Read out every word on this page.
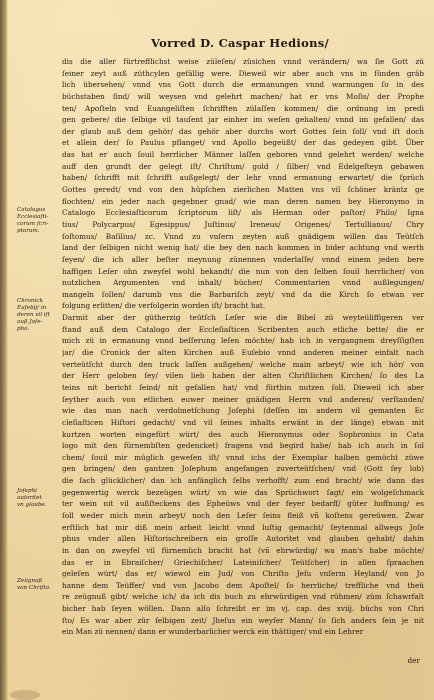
Vorred D. Caspar Hedions/
dis die aller fürtrefflichst weise züleſen/ züsichen vnnd verändern/ wa ſie Gott zü
ſeiner zeyt auß züthcylen gefällig were. Dieweil wir aber auch vns in ſünden gräb
lich übersehen/ vnnd vns Gott durch die ermanungen vnnd warnungen ſo in des
büchstaben ſind/ will weysen vnd gelehrt machen/ hat er vns Moſis/ der Prophe
ten/ Apoſteln vnd Euangeliſten ſchrifften zülaſſen kommen/ die ordnung im predi
gen gebere/ die ſelbige vil tauſent jar einher im weſen gehalten/ vnnd im gefallen/ das
der glaub auß dem gehör/ das gehör aber durchs wort Gottes ſein ſoll/ vnd iſt doch
et allein der/ ſo Paulus pflanget/ vnd Apollo begeüßt/ der das gedeyen gibt. Über
das hat er auch ſouil herrlicher Männer laſſen geboren vnnd gelehrt werden/ welche
auff den grundt der gelegt iſt/ Chriſtum/ gold / ſilber/ vnd Edelgeſteyn gebawen
haben/ ſchrifft mit ſchrifft außgelegt/ der lehr vnnd ermanung erwartet/ die ſprüch
Gottes geredt/ vnd von den hüpſchen zierlichen Matten vns vil ſchöner kräntz ge
flochten/ ein jeder nach gegebner gnad/ wie man deren namen bey Hieronymo in
Catalogo Ecclesiaſticorum ſcriptorum liſt/ als Herman oder paſtor/ Philo/ Igna
tius/ Polycarpus/ Egesippus/ Juſtinus/ Ireneus/ Origenes/ Tertullianus/ Chry
ſoſtomus/ Baſilius/ zc. Vnnd zu vnſern zeyten auß gnädigem willen das Teütſch
land der ſelbigen nicht wenig hat/ die bey den nach kommen in bider achtung vnd werth
ſeyen/ die ich aller beſter meynung zünennen vnderlaſſe/ vnnd einem jeden bere
haffigen Leſer ohn zweyfel wohl bekandt/ die nun von den ſelben ſouil herrlicher/ von
nutzlichen Argumenten vnd inhalt/ bücher/ Commentarien vnnd außlegungen/
mangeln ſollen/ darumb vns die Barbariſch zeyt/ vnd da die Kirch ſo etwan ver
folgung erlitten/ die verfolgerin worden iſt/ bracht hat.
Darmit aber der gütherzig teütſch Leſer wie die Bibel zü weyteüliffigeren ver
ſtand auß dem Catalogo der Eccleſiaſticen Scribenten auch etliche bette/ die er
mich zü in ermanung vnnd beſſerung leſen möchte/ hab ich in vergangnem dreyſſigſten
jar/ die Cronick der alten Kirchen auß Euſebio vnnd anderen meiner einfalt nach
verteütſcht durch den truck laſſen außgehen/ welche main arbeyt/ wie ich hör/ von
der Herr geloben ſey/ vilen lieb haben der alten Chriſtlichen Kirchen/ ſo des La
teins nit bericht ſeind/ nit gefallen hat/ vnd fürthin nutzen ſoll. Dieweil ich aber
ſeyther auch von etlichen euwer meiner gnädigen Herrn vnd anderen/ verſtanden/
wie das man nach verdolmetſchung Joſephi (deſſen im andern vil gemanten Ec
cleſiaſticen Hiſtori gedacht/ vnd vil ſeines inhalts erwänt in der länge) etwan mit
kurtzen worten eingefürt würt/ des auch Hieronymus oder Sophronius in Cata
logo mit den fürnembſten gedencket) fragens vnd begird habe/ hab ich auch in ſol
chem/ ſouil mir müglich geweſen iſt/ vnnd ichs der Exemplar halben gemöcht züwe
gen bringen/ den gantzen Joſephum angefangen zuverteütſchen/ vnd (Gott ſey lob)
die ſach glücklicher/ dan ich anfänglich ſelbs verhofft/ zum end bracht/ wie dann das
gegenwertig werck bezeügen würt/ vn wie das Sprüchwort ſagt/ ein wolgeſchmack
ter wein nit vil außſteckens des Epheüws vnd der feyer bedarff/ güter hoffnung/ es
ſoll weder mich mein arbeyt/ noch den Leſer ſeins fleiß vñ koſtens gereüwen. Zwar
erſtlich hat mir diß mein arbeit leicht vnnd luſtig gemacht/ ſeytenmal allwegs Joſe
phus vnder allen Hiſtorischreibern ein groſſe Autoritet vnd glauben gehabt/ dahin
in dan on zweyfel vil fürnemlich bracht hat (vñ ehrwürdig/ wa man's habe möchte/
das er in Ebraiſcher/ Griechiſcher/ Lateiniſcher/ Teütſcher) in allen ſpraachen
geleſen würt/ das er/ wiewol ein Jud/ von Chriſto Jeſu vnſerm Heyland/ von Jo
hanne dem Teüffer/ vnd von Jacobo dem Apoſtel/ ſo herrliche/ treffliche vnd theü
re zeügnuß gibt/ welche ich/ da ich dis buch zu ehrwürdigen vnd rühmen/ züm ſchawrfalt
bicher hab ſeyen wöllen. Dann alſo ſchreibt er im vj. cap. des xviij. büchs von Chri
ſto/ Es war aber zür ſelbigen zeit/ Jheſus ein weyſer Mann/ ſo ſich anders ſein je nit
ein Man zü nennen/ dann er wunderbarlicher werck ein thättiger/ vnd ein Lehrer
Catalogus
Ecclesiaſti-
corum ſcri-
ptorum.
Chronick
Euſebij/ in
deren vil iſt
auß Joſe-
pho.
Joſephi
autoritet
vn glaube.
Zeügnuß
von Chriſto.
der
